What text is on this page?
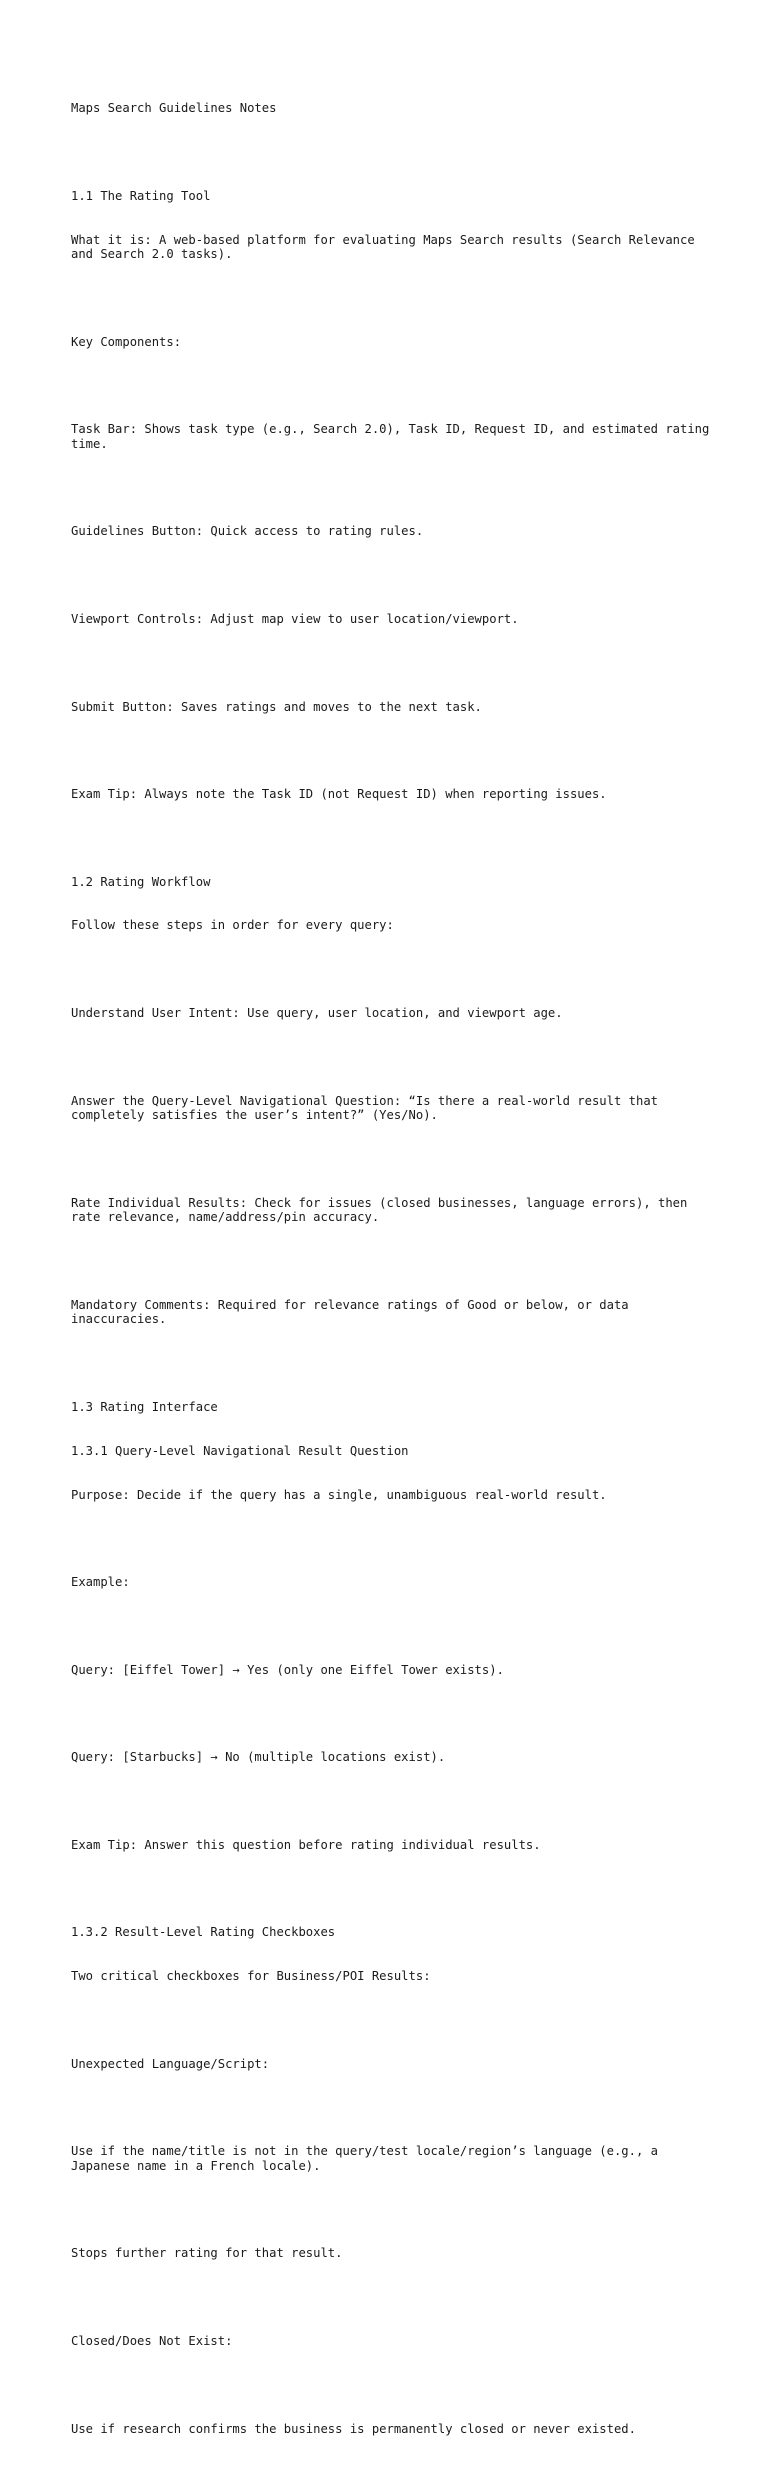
Maps Search Guidelines Notes

1.1 The Rating Tool

What it is: A web-based platform for evaluating Maps Search results (Search Relevance and Search 2.0 tasks).

Key Components:

Task Bar: Shows task type (e.g., Search 2.0), Task ID, Request ID, and estimated rating time.

Guidelines Button: Quick access to rating rules.

Viewport Controls: Adjust map view to user location/viewport.

Submit Button: Saves ratings and moves to the next task.

Exam Tip: Always note the Task ID (not Request ID) when reporting issues.

1.2 Rating Workflow

Follow these steps in order for every query:

Understand User Intent: Use query, user location, and viewport age.

Answer the Query-Level Navigational Question: “Is there a real-world result that completely satisfies the user’s intent?” (Yes/No).

Rate Individual Results: Check for issues (closed businesses, language errors), then rate relevance, name/address/pin accuracy.

Mandatory Comments: Required for relevance ratings of Good or below, or data inaccuracies.

1.3 Rating Interface

1.3.1 Query-Level Navigational Result Question

Purpose: Decide if the query has a single, unambiguous real-world result.

Example:

Query: [Eiffel Tower] → Yes (only one Eiffel Tower exists).

Query: [Starbucks] → No (multiple locations exist).

Exam Tip: Answer this question before rating individual results.

1.3.2 Result-Level Rating Checkboxes

Two critical checkboxes for Business/POI Results:

Unexpected Language/Script:

Use if the name/title is not in the query/test locale/region’s language (e.g., a Japanese name in a French locale).

Stops further rating for that result.

Closed/Does Not Exist:

Use if research confirms the business is permanently closed or never existed.
